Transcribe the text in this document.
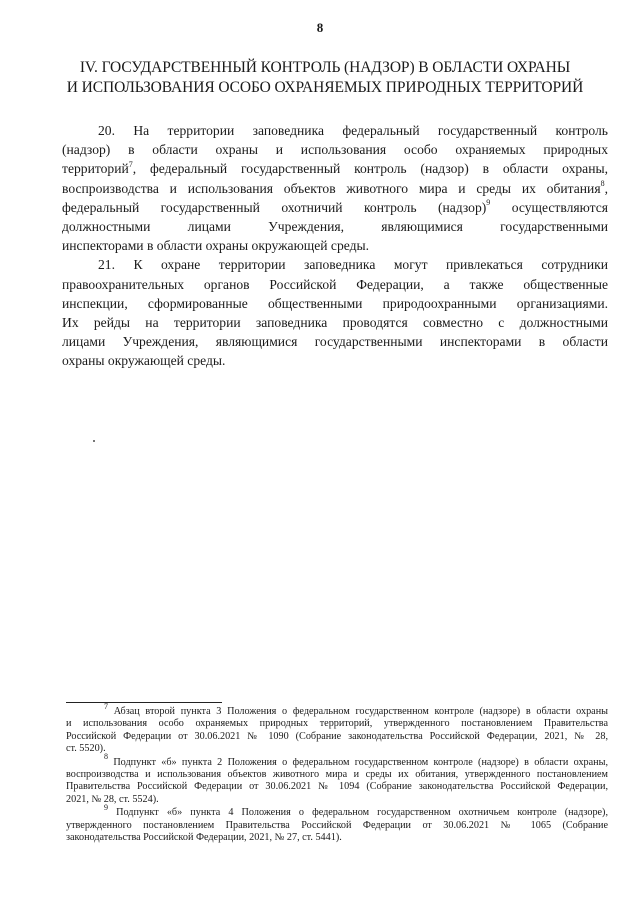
8
IV. ГОСУДАРСТВЕННЫЙ КОНТРОЛЬ (НАДЗОР) В ОБЛАСТИ ОХРАНЫ
И ИСПОЛЬЗОВАНИЯ ОСОБО ОХРАНЯЕМЫХ ПРИРОДНЫХ ТЕРРИТОРИЙ

20. На территории заповедника федеральный государственный контроль
(надзор) в области охраны и использования особо охраняемых природных
территорий$^7$, федеральный государственный контроль (надзор) в области охраны,
воспроизводства и использования объектов животного мира и среды их обитания$^8$,
федеральный государственный охотничий контроль (надзор)$^9$ осуществляются
должностными лицами Учреждения, являющимися государственными
инспекторами в области охраны окружающей среды.

21. К охране территории заповедника могут привлекаться сотрудники
правоохранительных органов Российской Федерации, а также общественные
инспекции, сформированные общественными природоохранными организациями.
Их рейды на территории заповедника проводятся совместно с должностными
лицами Учреждения, являющимися государственными инспекторами в области
охраны окружающей среды.

$^7$ Абзац второй пункта 3 Положения о федеральном государственном контроле (надзоре) в области охраны
и использования особо охраняемых природных территорий, утвержденного постановлением Правительства
Российской Федерации от 30.06.2021 № 1090 (Собрание законодательства Российской Федерации, 2021, № 28,
ст. 5520).

$^8$ Подпункт «б» пункта 2 Положения о федеральном государственном контроле (надзоре) в области охраны,
воспроизводства и использования объектов животного мира и среды их обитания, утвержденного постановлением
Правительства Российской Федерации от 30.06.2021 № 1094 (Собрание законодательства Российской Федерации,
2021, № 28, ст. 5524).

$^9$ Подпункт «б» пункта 4 Положения о федеральном государственном охотничьем контроле (надзоре),
утвержденного постановлением Правительства Российской Федерации от 30.06.2021 № 1065 (Собрание
законодательства Российской Федерации, 2021, № 27, ст. 5441).
